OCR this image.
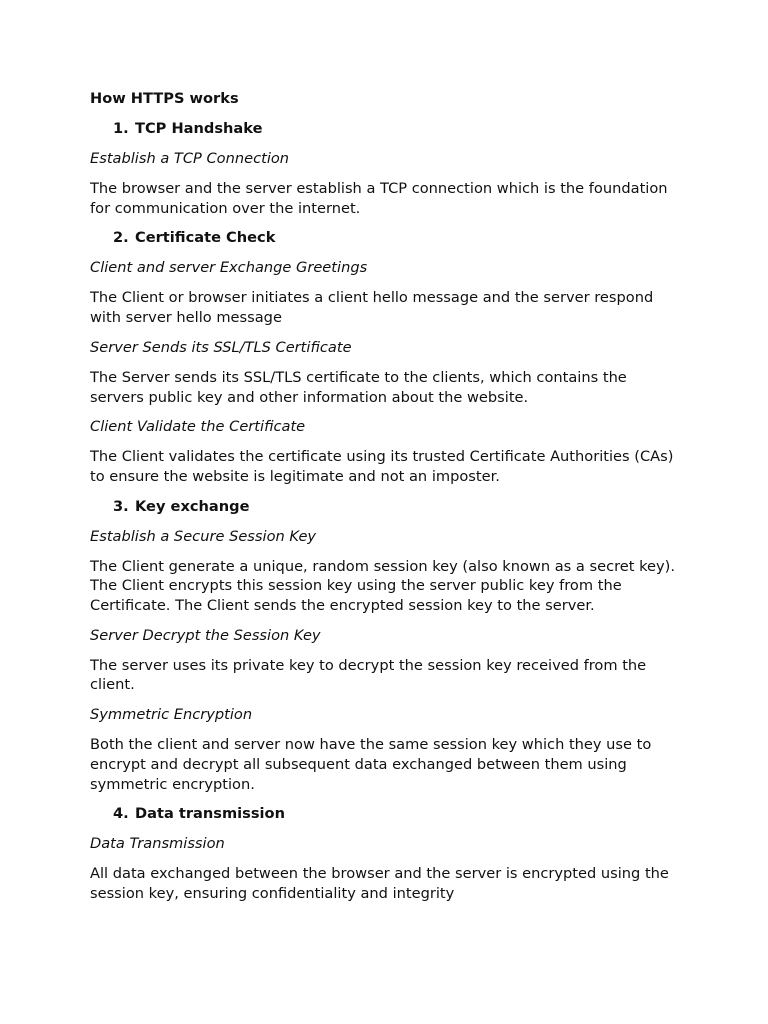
How HTTPS works
1. TCP Handshake
Establish a TCP Connection
The browser and the server establish a TCP connection which is the foundation for communication over the internet.
2. Certificate Check
Client and server Exchange Greetings
The Client or browser initiates a client hello message and the server respond with server hello message
Server Sends its SSL/TLS Certificate
The Server sends its SSL/TLS certificate to the clients, which contains the servers public key and other information about the website.
Client Validate the Certificate
The Client validates the certificate using its trusted Certificate Authorities (CAs) to ensure the website is legitimate and not an imposter.
3. Key exchange
Establish a Secure Session Key
The Client generate a unique, random session key (also known as a secret key). The Client encrypts this session key using the server public key from the Certificate. The Client sends the encrypted session key to the server.
Server Decrypt the Session Key
The server uses its private key to decrypt the session key received from the client.
Symmetric Encryption
Both the client and server now have the same session key which they use to encrypt and decrypt all subsequent data exchanged between them using symmetric encryption.
4. Data transmission
Data Transmission
All data exchanged between the browser and the server is encrypted using the session key, ensuring confidentiality and integrity
